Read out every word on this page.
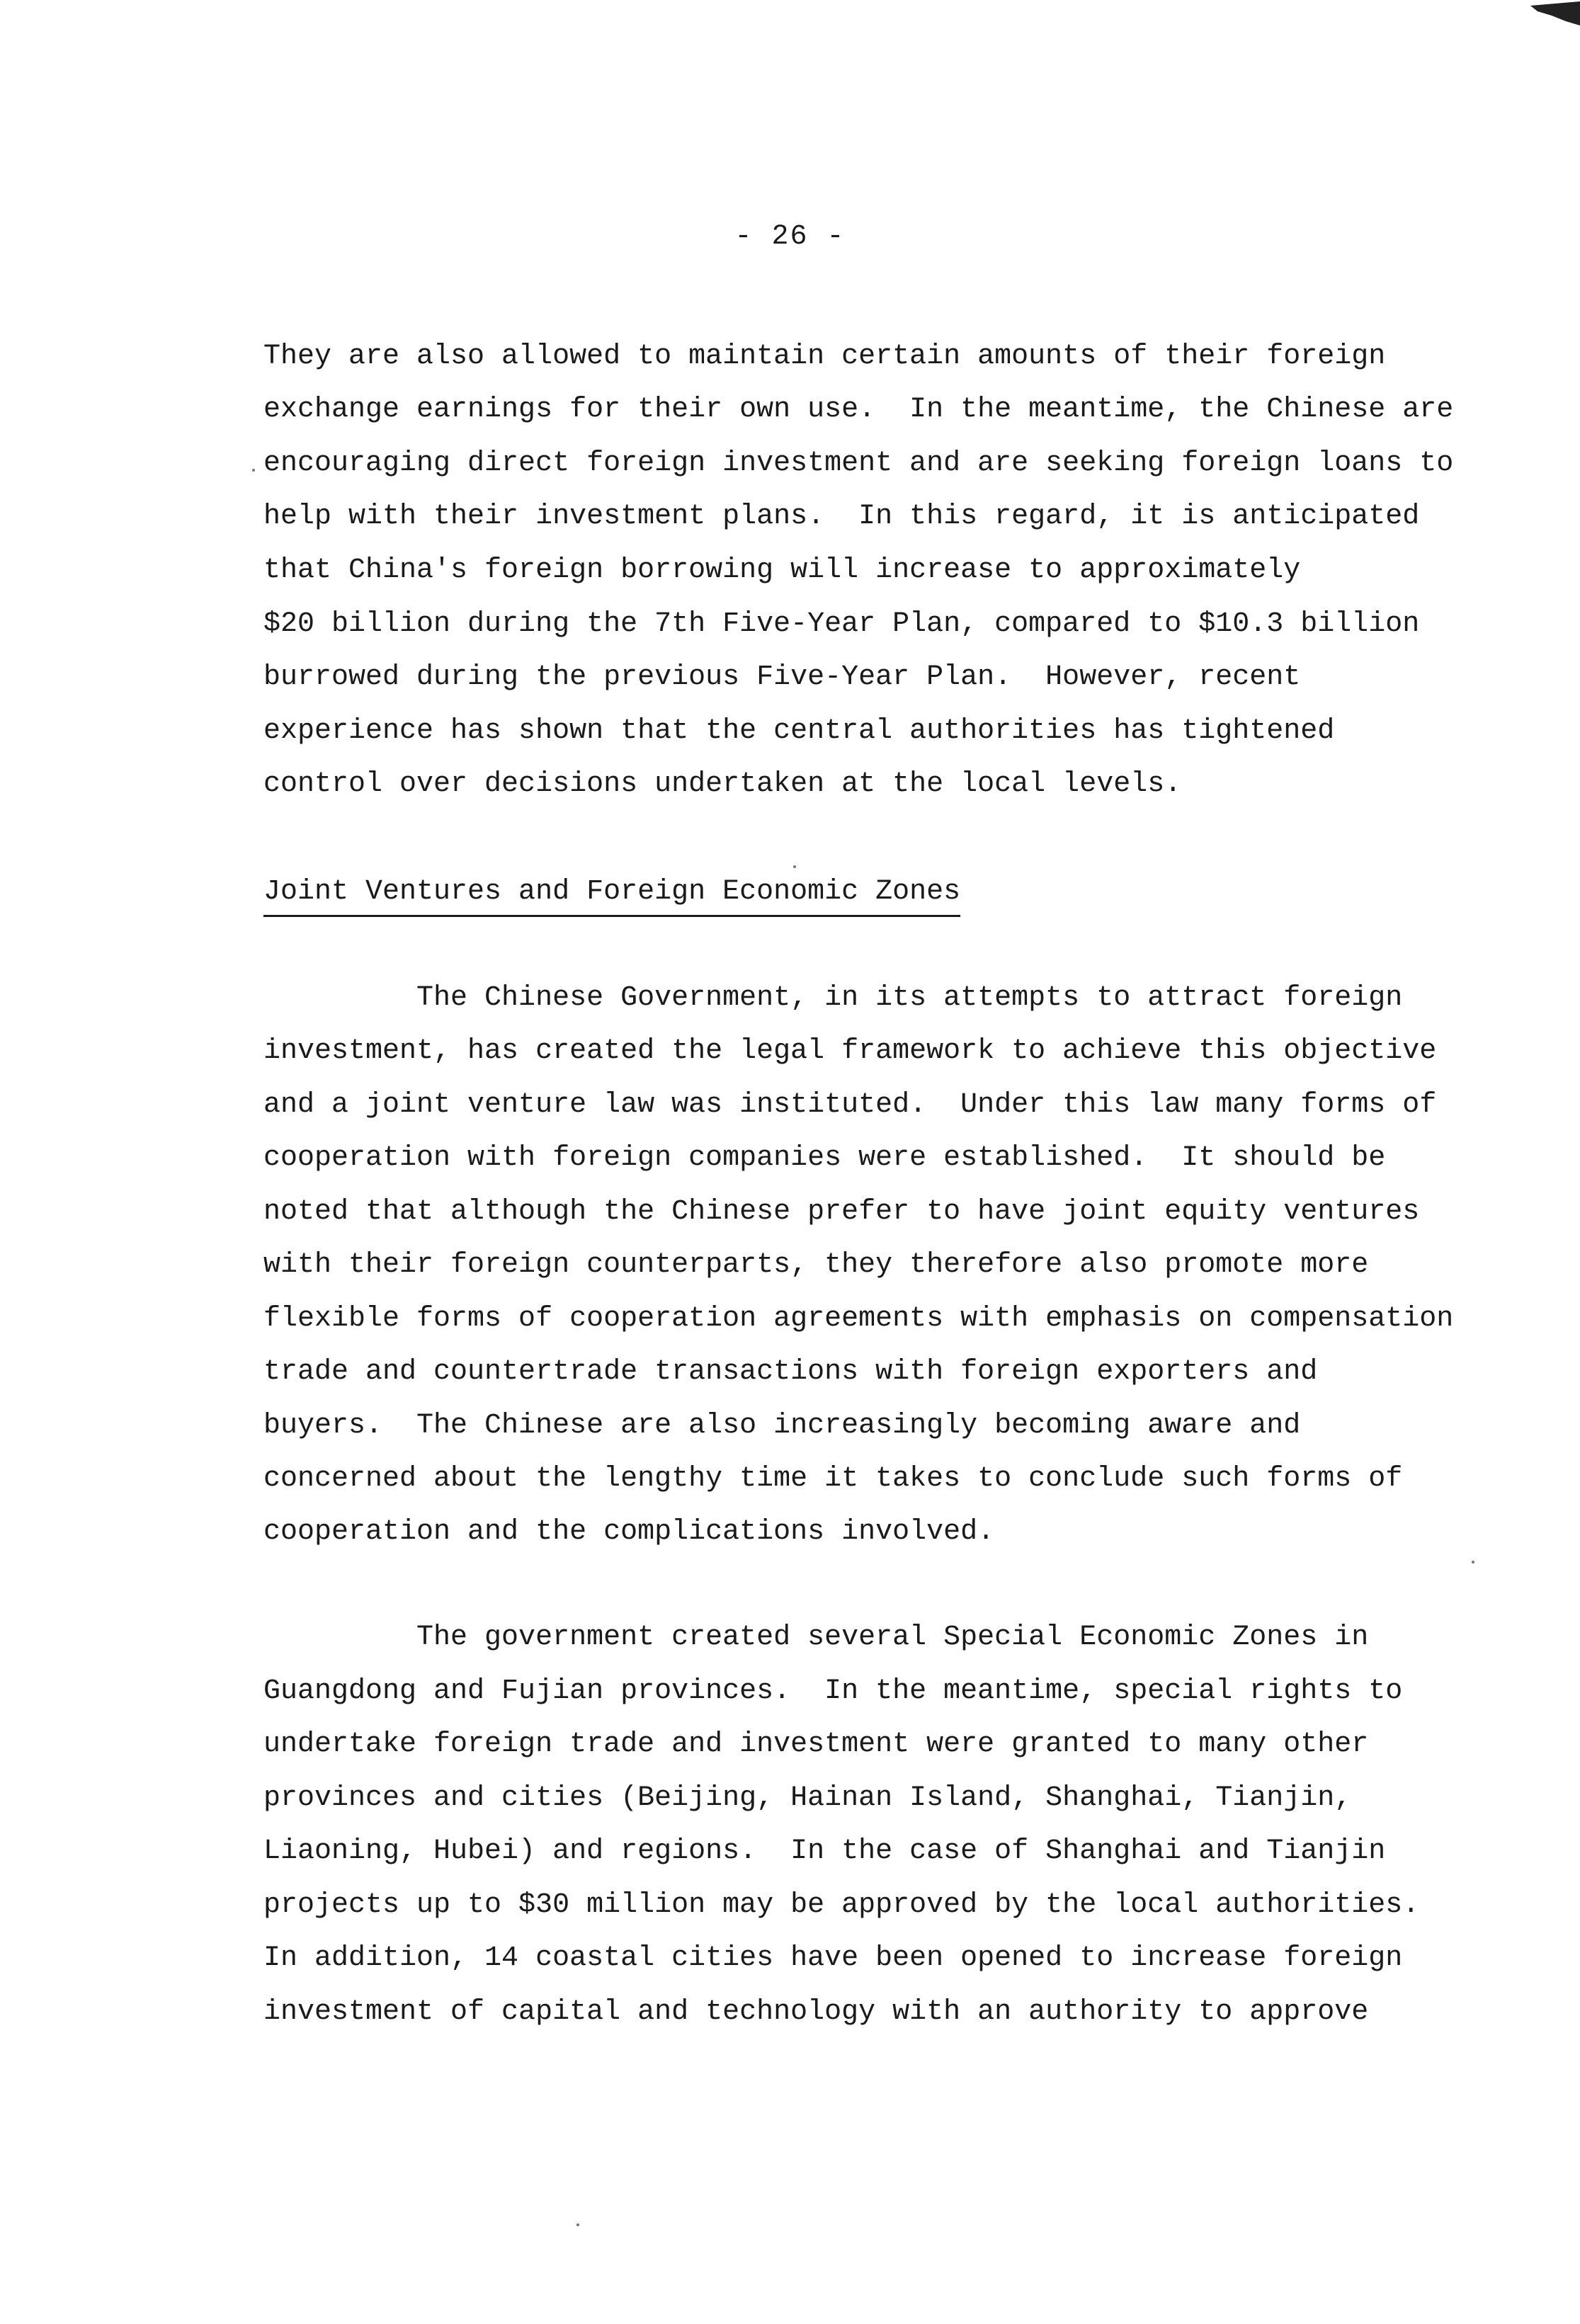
- 26 -
They are also allowed to maintain certain amounts of their foreign
exchange earnings for their own use.  In the meantime, the Chinese are
encouraging direct foreign investment and are seeking foreign loans to
help with their investment plans.  In this regard, it is anticipated
that China's foreign borrowing will increase to approximately
$20 billion during the 7th Five-Year Plan, compared to $10.3 billion
burrowed during the previous Five-Year Plan.  However, recent
experience has shown that the central authorities has tightened
control over decisions undertaken at the local levels.
Joint Ventures and Foreign Economic Zones
The Chinese Government, in its attempts to attract foreign
investment, has created the legal framework to achieve this objective
and a joint venture law was instituted.  Under this law many forms of
cooperation with foreign companies were established.  It should be
noted that although the Chinese prefer to have joint equity ventures
with their foreign counterparts, they therefore also promote more
flexible forms of cooperation agreements with emphasis on compensation
trade and countertrade transactions with foreign exporters and
buyers.  The Chinese are also increasingly becoming aware and
concerned about the lengthy time it takes to conclude such forms of
cooperation and the complications involved.
The government created several Special Economic Zones in
Guangdong and Fujian provinces.  In the meantime, special rights to
undertake foreign trade and investment were granted to many other
provinces and cities (Beijing, Hainan Island, Shanghai, Tianjin,
Liaoning, Hubei) and regions.  In the case of Shanghai and Tianjin
projects up to $30 million may be approved by the local authorities.
In addition, 14 coastal cities have been opened to increase foreign
investment of capital and technology with an authority to approve
